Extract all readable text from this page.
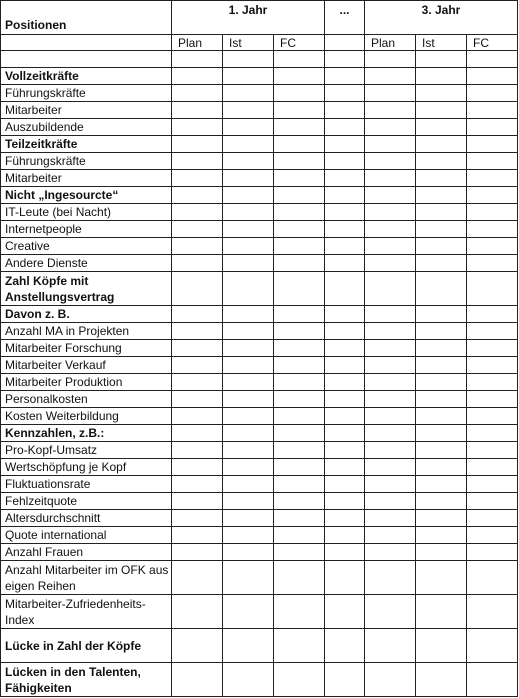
Positionen	1. Jahr			...	3. Jahr		
	Plan	Ist	FC		Plan	Ist	FC

Vollzeitkräfte							
Führungskräfte							
Mitarbeiter							
Auszubildende							
Teilzeitkräfte							
Führungskräfte							
Mitarbeiter							
Nicht „Ingesourcte“							
IT-Leute (bei Nacht)							
Internetpeople							
Creative							
Andere Dienste							
Zahl Köpfe mit Anstellungsvertrag							
Davon z. B.							
Anzahl MA in Projekten							
Mitarbeiter Forschung							
Mitarbeiter Verkauf							
Mitarbeiter Produktion							
Personalkosten							
Kosten Weiterbildung							
Kennzahlen, z.B.:							
Pro-Kopf-Umsatz							
Wertschöpfung je Kopf							
Fluktuationsrate							
Fehlzeitquote							
Altersdurchschnitt							
Quote international							
Anzahl Frauen							
Anzahl Mitarbeiter im OFK aus eigen Reihen							
Mitarbeiter-Zufriedenheits-Index							
Lücke in Zahl der Köpfe							
Lücken in den Talenten, Fähigkeiten							
